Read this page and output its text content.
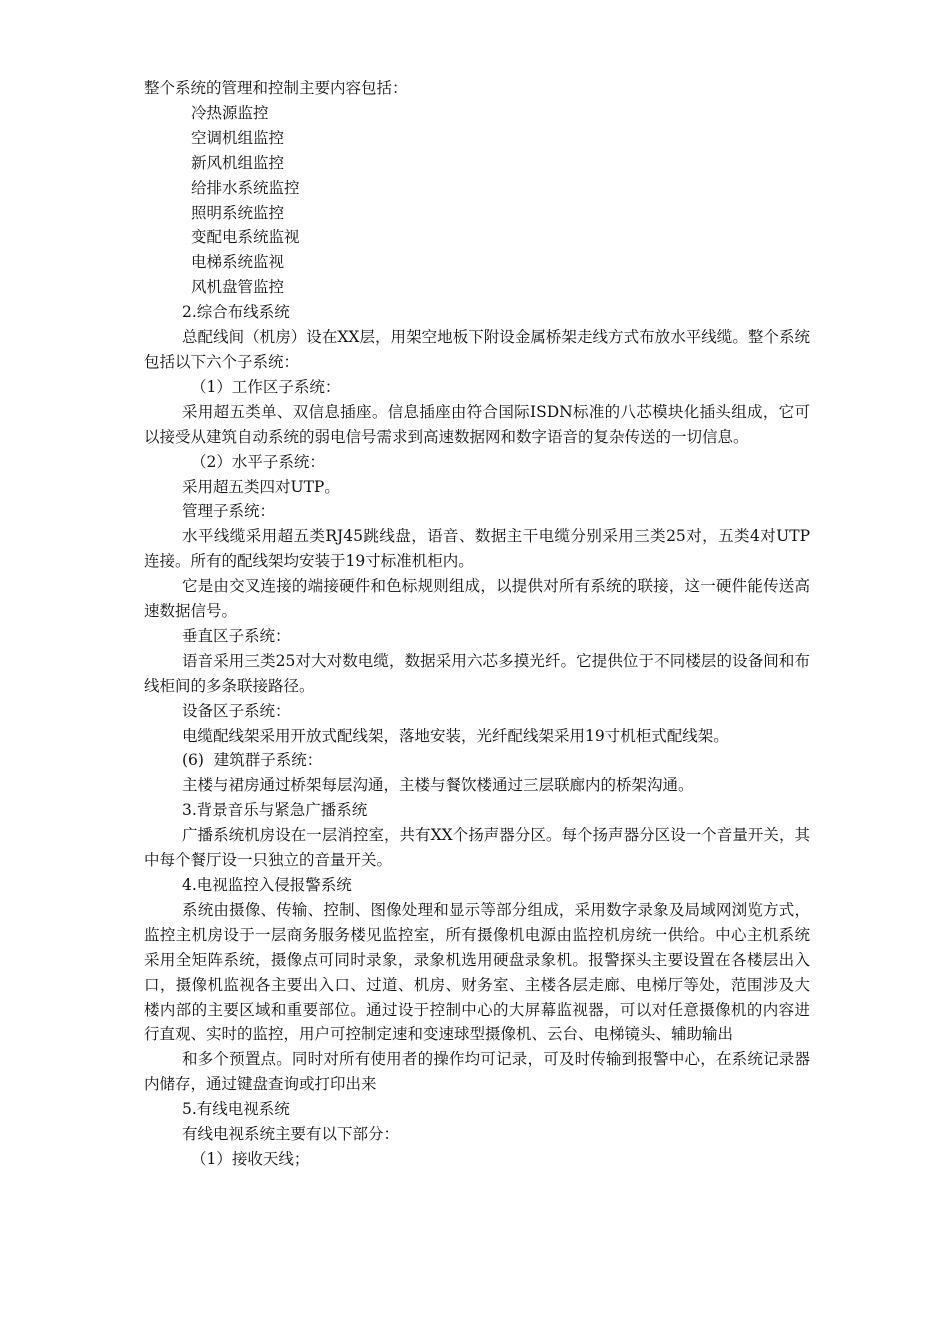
整个系统的管理和控制主要内容包括：

冷热源监控

空调机组监控

新风机组监控

给排水系统监控

照明系统监控

变配电系统监视

电梯系统监视

风机盘管监控

2.综合布线系统

总配线间（机房）设在XX层，用架空地板下附设金属桥架走线方式布放水平线缆。整个系统包括以下六个子系统：

（1）工作区子系统：

采用超五类单、双信息插座。信息插座由符合国际ISDN标准的八芯模块化插头组成，它可以接受从建筑自动系统的弱电信号需求到高速数据网和数字语音的复杂传送的一切信息。

（2）水平子系统：

采用超五类四对UTP。

管理子系统：

水平线缆采用超五类RJ45跳线盘，语音、数据主干电缆分别采用三类25对，五类4对UTP连接。所有的配线架均安装于19寸标准机柜内。

它是由交叉连接的端接硬件和色标规则组成，以提供对所有系统的联接，这一硬件能传送高速数据信号。

垂直区子系统：

语音采用三类25对大对数电缆，数据采用六芯多摸光纤。它提供位于不同楼层的设备间和布线柜间的多条联接路径。

设备区子系统：

电缆配线架采用开放式配线架，落地安装，光纤配线架采用19寸机柜式配线架。

(6)  建筑群子系统：

主楼与裙房通过桥架每层沟通，主楼与餐饮楼通过三层联廊内的桥架沟通。

3.背景音乐与紧急广播系统

广播系统机房设在一层消控室，共有XX个扬声器分区。每个扬声器分区设一个音量开关，其中每个餐厅设一只独立的音量开关。

4.电视监控入侵报警系统

系统由摄像、传输、控制、图像处理和显示等部分组成，采用数字录象及局域网浏览方式，监控主机房设于一层商务服务楼见监控室，所有摄像机电源由监控机房统一供给。中心主机系统采用全矩阵系统，摄像点可同时录象，录象机选用硬盘录象机。报警探头主要设置在各楼层出入口，摄像机监视各主要出入口、过道、机房、财务室、主楼各层走廊、电梯厅等处，范围涉及大楼内部的主要区域和重要部位。通过设于控制中心的大屏幕监视器，可以对任意摄像机的内容进行直观、实时的监控，用户可控制定速和变速球型摄像机、云台、电梯镜头、辅助输出

和多个预置点。同时对所有使用者的操作均可记录，可及时传输到报警中心，在系统记录器内储存，通过键盘查询或打印出来

5.有线电视系统

有线电视系统主要有以下部分：

（1）接收天线；
